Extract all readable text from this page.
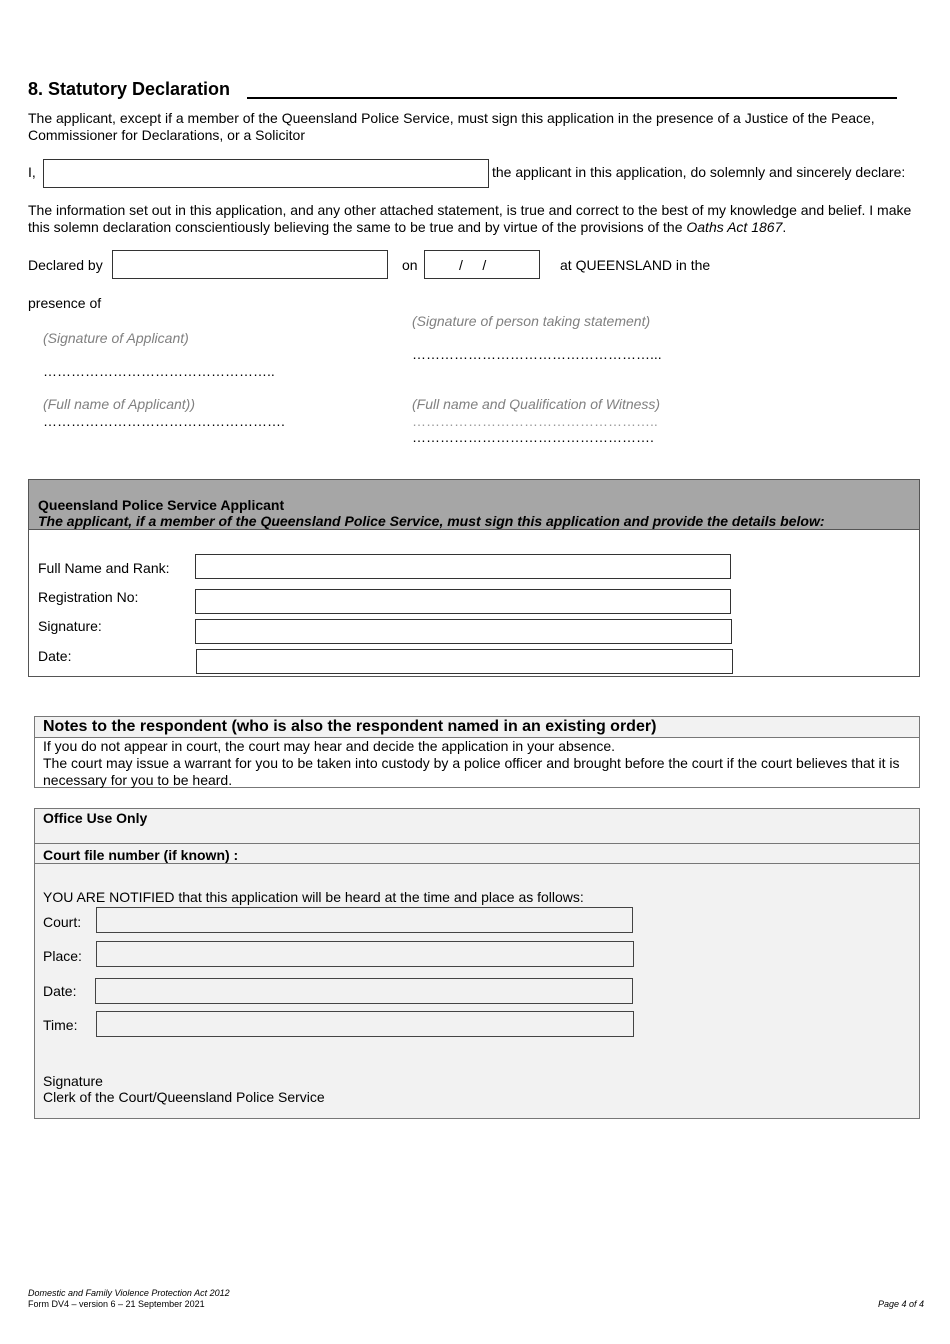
8. Statutory Declaration
The applicant, except if a member of the Queensland Police Service, must sign this application in the presence of a Justice of the Peace, Commissioner for Declarations, or a Solicitor
I,	the applicant in this application, do solemnly and sincerely declare:
The information set out in this application, and any other attached statement, is true and correct to the best of my knowledge and belief. I make this solemn declaration conscientiously believing the same to be true and by virtue of the provisions of the Oaths Act 1867.
Declared by	on	/     /	at QUEENSLAND in the
presence of
(Signature of Applicant)
…………………………………………..
(Full name of Applicant))
…………………………………………….
(Signature of person taking statement)
……………………………………………...
(Full name and Qualification of Witness)
……………………………………………..
…………………………………………….
Queensland Police Service Applicant
The applicant, if a member of the Queensland Police Service, must sign this application and provide the details below:
Full Name and Rank:
Registration No:
Signature:
Date:
Notes to the respondent (who is also the respondent named in an existing order)
If you do not appear in court, the court may hear and decide the application in your absence.
The court may issue a warrant for you to be taken into custody by a police officer and brought before the court if the court believes that it is necessary for you to be heard.
Office Use Only
Court file number (if known) :
YOU ARE NOTIFIED that this application will be heard at the time and place as follows:
Court:
Place:
Date:
Time:
Signature
Clerk of the Court/Queensland Police Service
Domestic and Family Violence Protection Act 2012
Form DV4 – version 6 – 21 September 2021	Page 4 of 4
